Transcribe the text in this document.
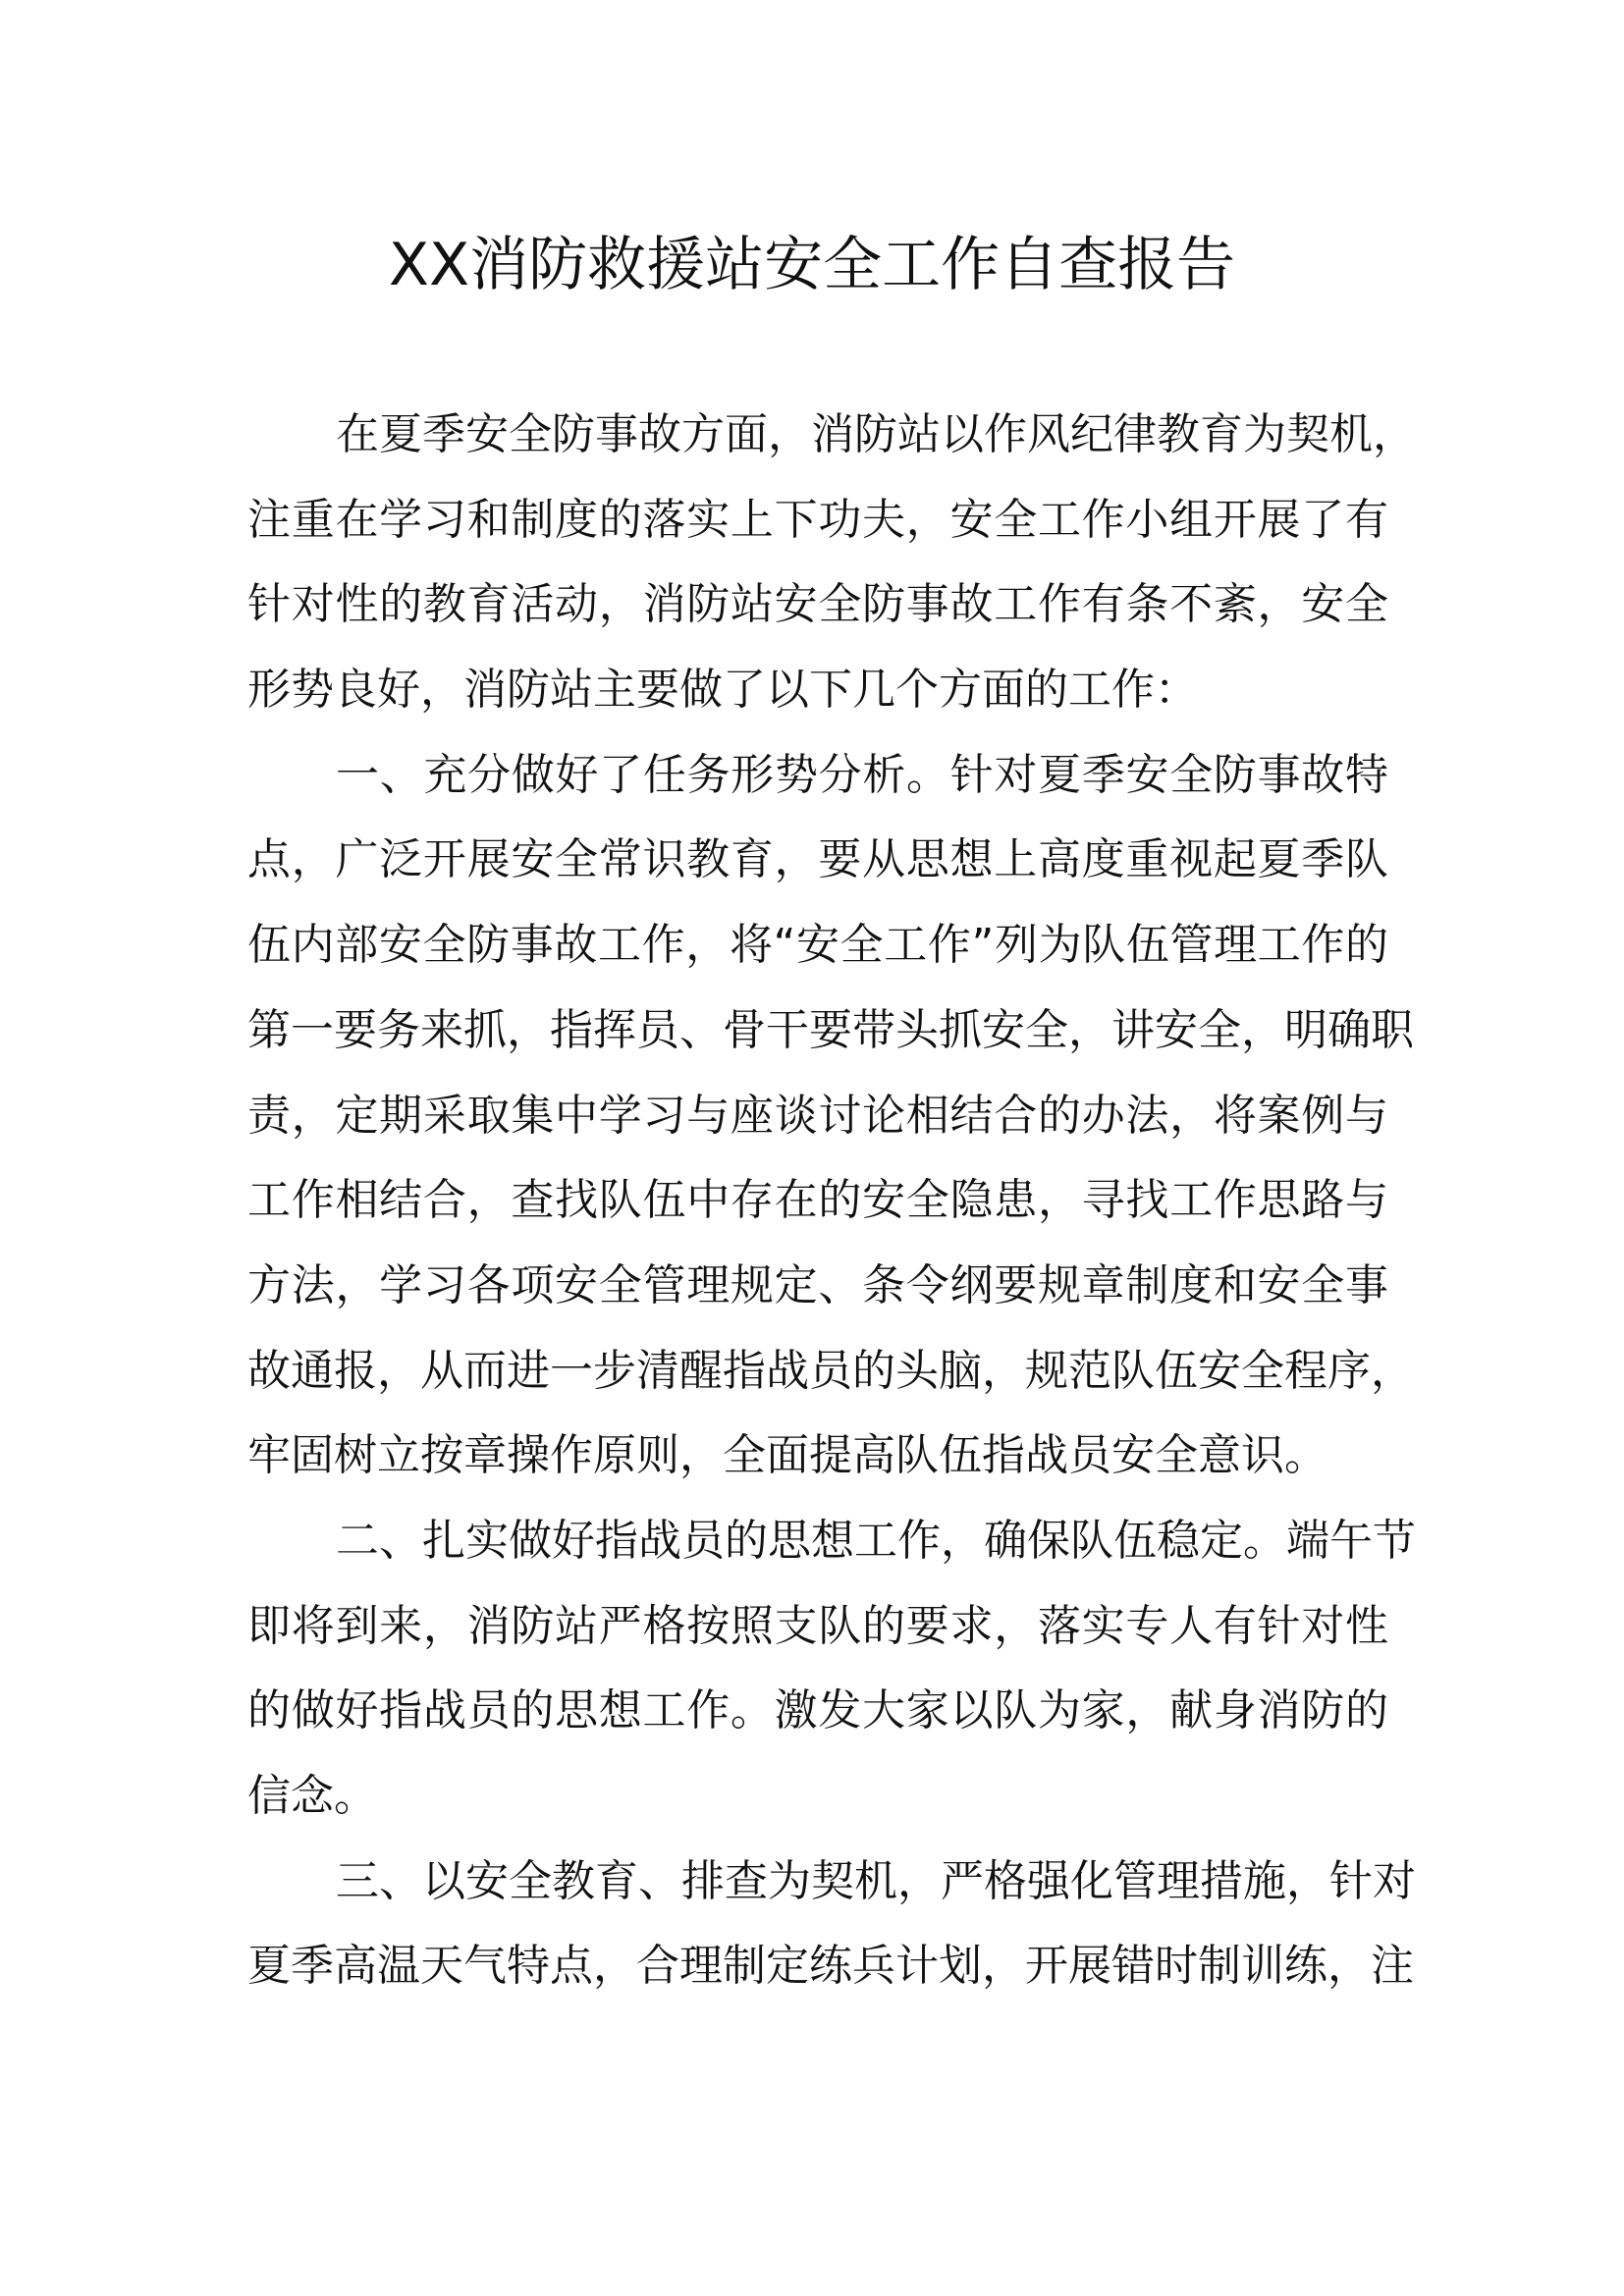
XX消防救援站安全工作自查报告
在夏季安全防事故方面，消防站以作风纪律教育为契机，
注重在学习和制度的落实上下功夫，安全工作小组开展了有
针对性的教育活动，消防站安全防事故工作有条不紊，安全
形势良好，消防站主要做了以下几个方面的工作：
一、充分做好了任务形势分析。针对夏季安全防事故特
点，广泛开展安全常识教育，要从思想上高度重视起夏季队
伍内部安全防事故工作，将“安全工作”列为队伍管理工作的
第一要务来抓，指挥员、骨干要带头抓安全，讲安全，明确职
责，定期采取集中学习与座谈讨论相结合的办法，将案例与
工作相结合，查找队伍中存在的安全隐患，寻找工作思路与
方法，学习各项安全管理规定、条令纲要规章制度和安全事
故通报，从而进一步清醒指战员的头脑，规范队伍安全程序，
牢固树立按章操作原则，全面提高队伍指战员安全意识。
二、扎实做好指战员的思想工作，确保队伍稳定。端午节
即将到来，消防站严格按照支队的要求，落实专人有针对性
的做好指战员的思想工作。激发大家以队为家，献身消防的
信念。
三、以安全教育、排查为契机，严格强化管理措施，针对
夏季高温天气特点，合理制定练兵计划，开展错时制训练，注
